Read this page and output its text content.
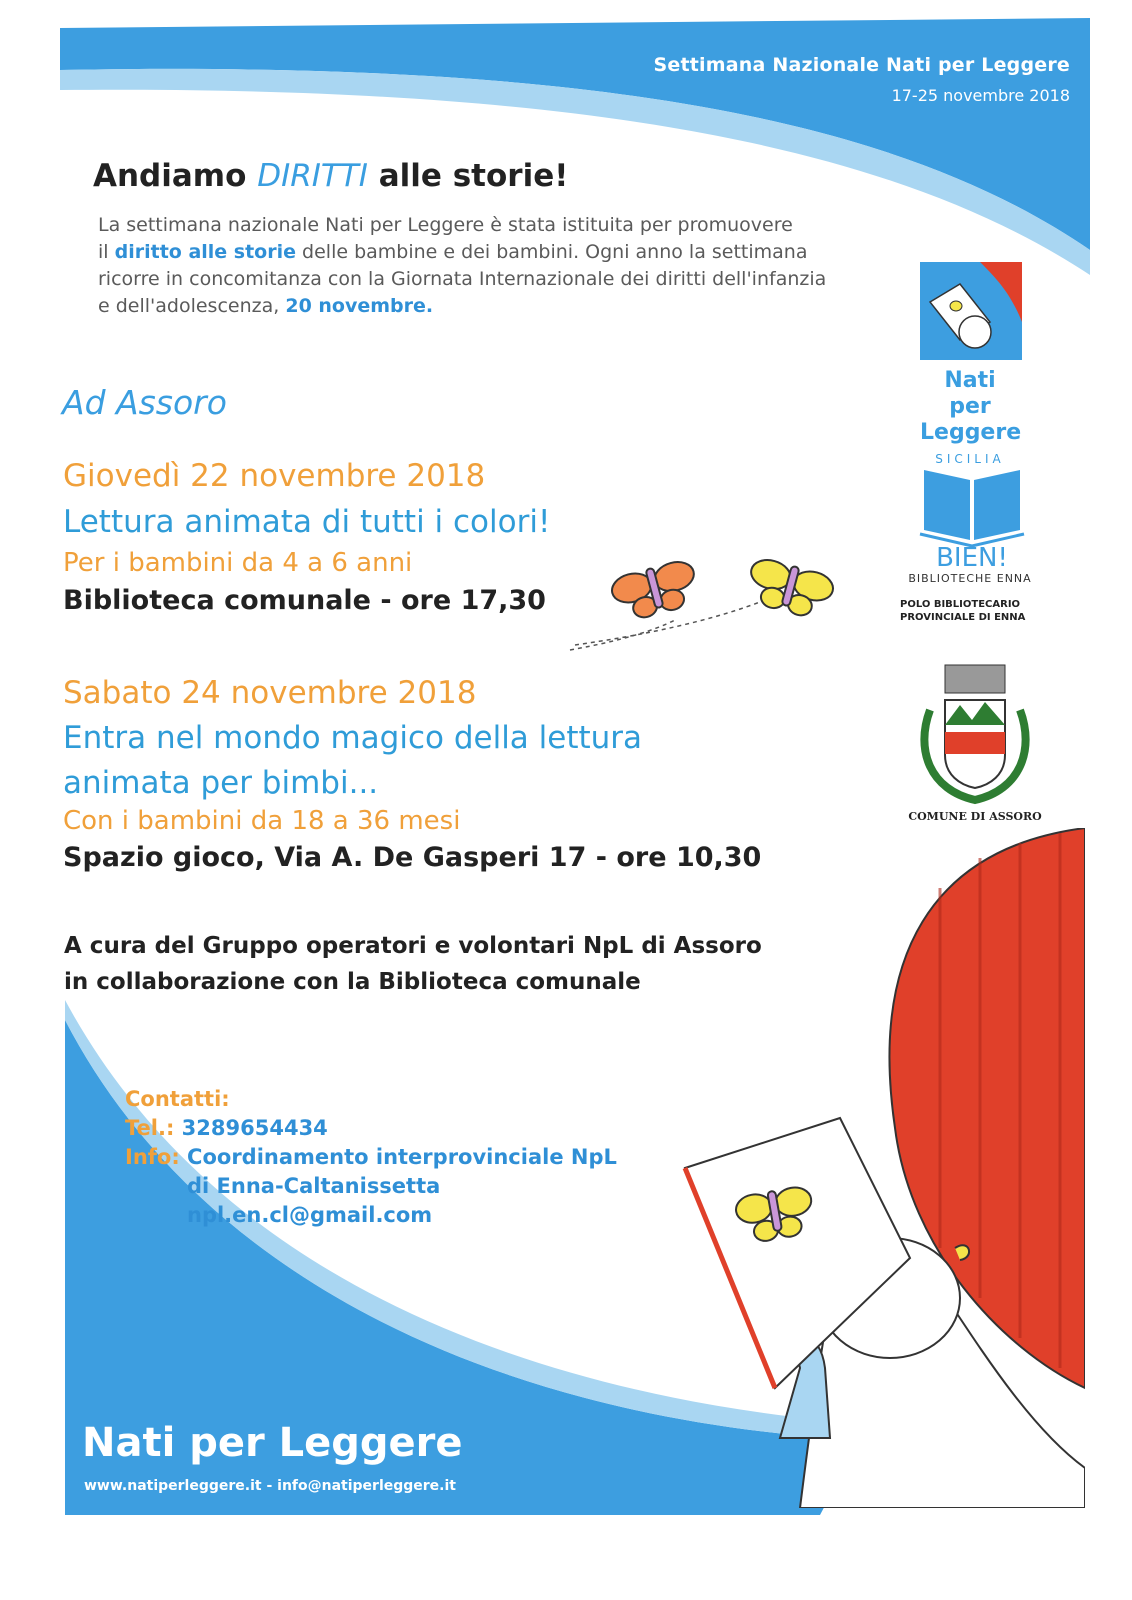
Settimana Nazionale Nati per Leggere
17-25 novembre 2018
Andiamo DIRITTI alle storie!
La settimana nazionale Nati per Leggere è stata istituita per promuovere
il diritto alle storie delle bambine e dei bambini. Ogni anno la settimana
ricorre in concomitanza con la Giornata Internazionale dei diritti dell'infanzia
e dell'adolescenza, 20 novembre.
Ad Assoro
Giovedì 22 novembre 2018
Lettura animata di tutti i colori!
Per i bambini da 4 a 6 anni
Biblioteca comunale - ore 17,30
Sabato 24 novembre 2018
Entra nel mondo magico della lettura
animata per bimbi...
Con i bambini da 18 a 36 mesi
Spazio gioco, Via A. De Gasperi 17 - ore 10,30
A cura del Gruppo operatori e volontari NpL di Assoro
in collaborazione con la Biblioteca comunale
Contatti:
Tel.: 3289654434
Info: Coordinamento interprovinciale NpL
di Enna-Caltanissetta
npl.en.cl@gmail.com
Nati per Leggere
www.natiperleggere.it - info@natiperleggere.it
Nati per
Leggere
SICILIA
BIEN!
BIBLIOTECHE ENNA
POLO BIBLIOTECARIO
PROVINCIALE DI ENNA
COMUNE DI ASSORO
